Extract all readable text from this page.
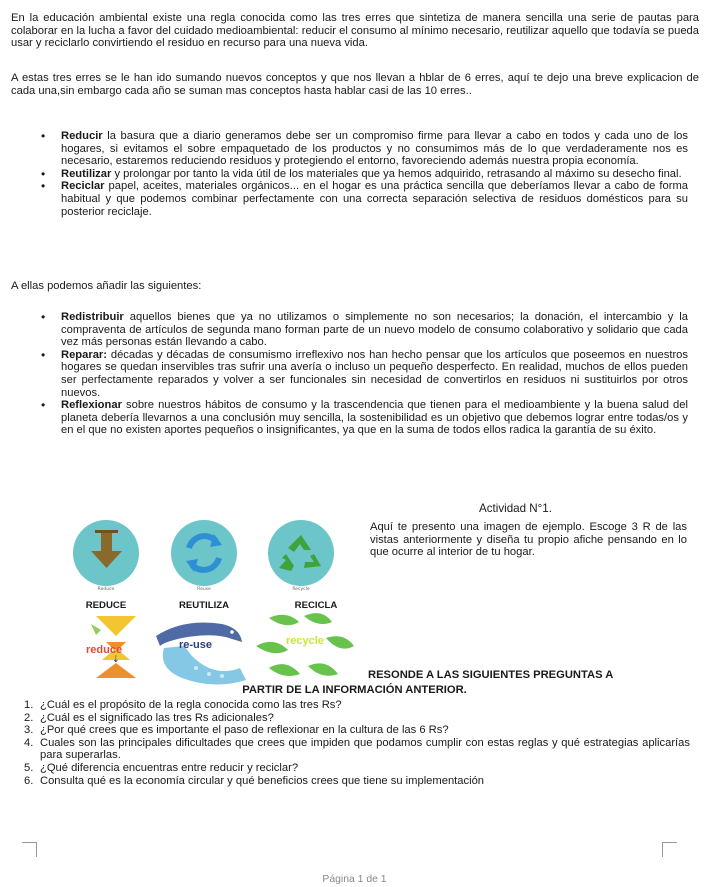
En la educación ambiental existe una regla conocida como las tres erres que sintetiza de manera sencilla una serie de pautas para colaborar en la lucha a favor del cuidado medioambiental: reducir el consumo al mínimo necesario, reutilizar aquello que todavía se pueda usar y reciclarlo convirtiendo el residuo en recurso para una nueva vida.

A estas tres erres se le han ido sumando nuevos conceptos y que nos llevan a hblar de 6 erres, aquí te dejo una breve explicacion de cada una,sin embargo cada año se suman mas conceptos hasta hablar casi de las 10 erres..

• Reducir la basura que a diario generamos debe ser un compromiso firme para llevar a cabo en todos y cada uno de los hogares, si evitamos el sobre empaquetado de los productos y no consumimos más de lo que verdaderamente nos es necesario, estaremos reduciendo residuos y protegiendo el entorno, favoreciendo además nuestra propia economía.
• Reutilizar y prolongar por tanto la vida útil de los materiales que ya hemos adquirido, retrasando al máximo su desecho final.
• Reciclar papel, aceites, materiales orgánicos... en el hogar es una práctica sencilla que deberíamos llevar a cabo de forma habitual y que podemos combinar perfectamente con una correcta separación selectiva de residuos domésticos para su posterior reciclaje.

A ellas podemos añadir las siguientes:

• Redistribuir aquellos bienes que ya no utilizamos o simplemente no son necesarios; la donación, el intercambio y la compraventa de artículos de segunda mano forman parte de un nuevo modelo de consumo colaborativo y solidario que cada vez más personas están llevando a cabo.
• Reparar: décadas y décadas de consumismo irreflexivo nos han hecho pensar que los artículos que poseemos en nuestros hogares se quedan inservibles tras sufrir una avería o incluso un pequeño desperfecto. En realidad, muchos de ellos pueden ser perfectamente reparados y volver a ser funcionales sin necesidad de convertirlos en residuos ni sustituirlos por otros nuevos.
• Reflexionar sobre nuestros hábitos de consumo y la trascendencia que tienen para el medioambiente y la buena salud del planeta debería llevarnos a una conclusión muy sencilla, la sostenibilidad es un objetivo que debemos lograr entre todas/os y en el que no existen aportes pequeños o insignificantes, ya que en la suma de todos ellos radica la garantía de su éxito.
Actividad N°1.

Aquí te presento una imagen de ejemplo. Escoge 3 R de las vistas anteriormente y diseña tu propio afiche pensando en lo que ocurre al interior de tu hogar.

Reduce	Reuse	Recycle
REDUCE	REUTILIZA	RECICLA
⇣
reduce	re-use	recycle
RESONDE A LAS SIGUIENTES PREGUNTAS A
PARTIR DE LA INFORMACIÓN ANTERIOR.
1. ¿Cuál es el propósito de la regla conocida como las tres Rs?
2. ¿Cuál es el significado las tres Rs adicionales?
3. ¿Por qué crees que es importante el paso de reflexionar en la cultura de las 6 Rs?
4. Cuales son las principales dificultades que crees que impiden que podamos cumplir con estas reglas y qué estrategias aplicarías para superarlas.
5. ¿Qué diferencia encuentras entre reducir y reciclar?
6. Consulta qué es la economía circular y qué beneficios crees que tiene su implementación
Página 1 de 1
